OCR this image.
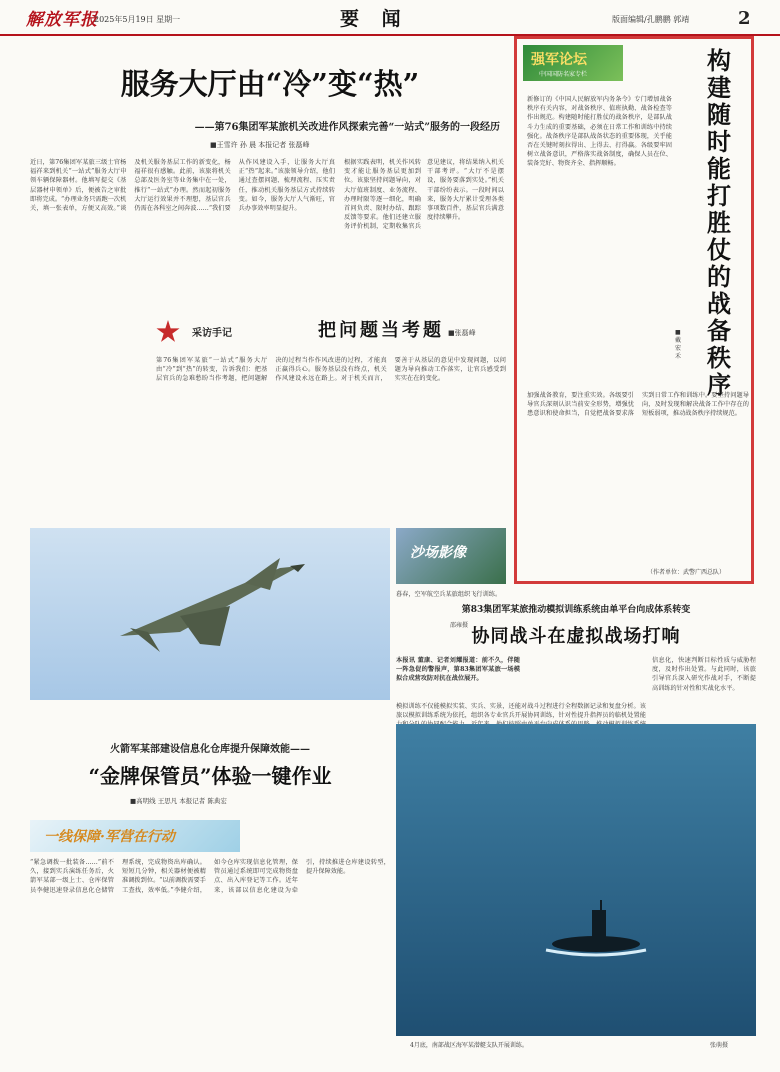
解放军报
2025年5月19日 星期一	要 闻	版面编辑/孔鹏鹏 郭靖	2
服务大厅由“冷”变“热”
——第76集团军某旅机关改进作风探索完善“一站式”服务的一段经历
■王雪许 孙 晨 本报记者 张磊峰
近日，第76集团军某旅三级士官杨福祥来到机关“一站式”服务大厅申领车辆保障器材。他填写提交《基层器材申领单》后，便被告之审批即将完成。“办理业务只需跑一次机关，填一张表单，方便又高效。”谈及机关服务基层工作的新变化，杨福祥很有感触。此前，该旅将机关总部及医务室等业务集中在一处，推行“一站式”办理。然而起初服务大厅运行效果并不理想，基层官兵仍需在各科室之间奔波……“我们要从作风建设入手，让服务大厅真正“热”起来。”该旅领导介绍，他们通过查摆问题、梳理流程、压实责任，推动机关服务基层方式持续转变。如今，服务大厅人气渐旺，官兵办事效率明显提升。
根据实践表明，机关作风转变才能让服务基层更加到位。该旅坚持问题导向，对大厅值班制度、业务流程、办理时限等逐一细化，明确首问负责、限时办结、跟踪反馈等要求。他们还建立服务评价机制，定期收集官兵意见建议，将结果纳入机关干部考评。“大厅不是摆设，服务要落到实处。”机关干部纷纷表示。一段时间以来，服务大厅累计受理各类事项数百件，基层官兵满意度持续攀升。
采访手记	把问题当考题 ■张磊峰
第76集团军某旅“一站式”服务大厅由“冷”到“热”的转变，告诉我们：把基层官兵的急难愁盼当作考题，把问题解决的过程当作作风改进的过程，才能真正赢得兵心。服务基层没有终点，机关作风建设永远在路上。对于机关而言，要善于从基层的意见中发现问题，以问题为导向推动工作落实，让官兵感受到实实在在的变化。
强军论坛
中国国防名家专栏	构建随时能打胜仗的战备秩序
■戴宏禾
新修订的《中国人民解放军内务条令》专门增加战备秩序有关内容，对战备秩序、值班执勤、战备检查等作出规范。构建随时能打胜仗的战备秩序，是部队战斗力生成的重要基础，必须在日常工作和训练中持续强化。战备秩序是部队战备状态的重要体现，关乎能否在关键时刻拉得出、上得去、打得赢。各级要牢固树立战备意识，严格落实战备制度，确保人员在位、装备完好、物资齐全、指挥顺畅。
加强战备教育，要注重实效。各级要引导官兵深刻认识当前安全形势，增强忧患意识和使命担当，自觉把战备要求落实到日常工作和训练中。要坚持问题导向，及时发现和解决战备工作中存在的短板弱项，推动战备秩序持续规范。
（作者单位：武警广西总队）
沙场影像
暮春，空军航空兵某旅组织飞行训练。
邵雍摄
第83集团军某旅推动模拟训练系统由单平台向成体系转变
协同战斗在虚拟战场打响
本报讯 董康、记者刘耀报道：前不久，伴随一阵急促的警报声，第83集团军某旅一场模拟合成营攻防对抗在战位展开。
模拟训练不仅能模拟实装、实兵、实景，还能对战斗过程进行全程数据记录和复盘分析。该旅以模拟训练系统为依托，组织各专业官兵开展协同训练，针对性提升指挥员的临机处置能
信息化，快速判断目标性质与威胁程度，及时作出处置。与此同时，该旅引导官兵深入研究作战对手，不断提高训练的针对性和实战化水平。
4月底，南部战区海军某潜艇支队开展训练。	张萌摄
火箭军某部建设信息化仓库提升保障效能——
“金牌保管员”体验一键作业
■高明线 王思凡 本报记者 陈典宏
一线保障·军营在行动
“紧急调拨一批装备……”前不久，接到实兵演练任务后，火箭军某部一级上士、仓库保管员李健迅速登录信息化仓储管理系统，完成物资出库确认。短短几分钟，相关器材便被精准调拨到位。“以前调拨需要手工查找，效率低。”李健介绍，如今仓库实现信息化管理，保管员通过系统即可完成物资盘点、出入库登记等工作。近年来，该部以信息化建设为牵引，持续推进仓库建设转型，提升保障效能。
